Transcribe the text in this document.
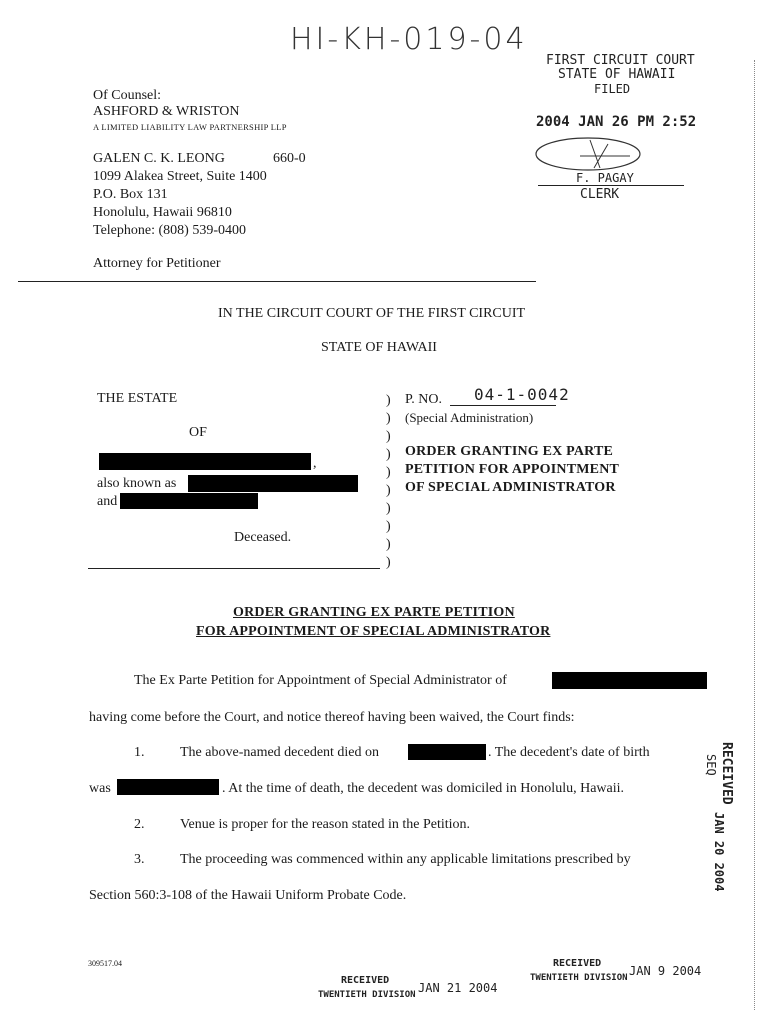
HI-KH-019-04
FIRST CIRCUIT COURT
STATE OF HAWAII
FILED
2004 JAN 26 PM 2:52
F. PAGAY
CLERK
Of Counsel:
ASHFORD & WRISTON
A LIMITED LIABILITY LAW PARTNERSHIP LLP
GALEN C. K. LEONG	660-0
1099 Alakea Street, Suite 1400
P.O. Box 131
Honolulu, Hawaii 96810
Telephone: (808) 539-0400
Attorney for Petitioner
IN THE CIRCUIT COURT OF THE FIRST CIRCUIT
STATE OF HAWAII
THE ESTATE
OF
,
also known as
and
Deceased.
)
)
)
)
)
)
)
)
)
)
P. NO. 04-1-0042
(Special Administration)
ORDER GRANTING EX PARTE
PETITION FOR APPOINTMENT
OF SPECIAL ADMINISTRATOR
ORDER GRANTING EX PARTE PETITION
FOR APPOINTMENT OF SPECIAL ADMINISTRATOR
The Ex Parte Petition for Appointment of Special Administrator of
having come before the Court, and notice thereof having been waived, the Court finds:
1.	The above-named decedent died on	. The decedent's date of birth
was	. At the time of death, the decedent was domiciled in Honolulu, Hawaii.
2.	Venue is proper for the reason stated in the Petition.
3.	The proceeding was commenced within any applicable limitations prescribed by
Section 560:3-108 of the Hawaii Uniform Probate Code.
RECEIVED
SEQ
JAN 20 2004
309517.04
RECEIVED
TWENTIETH DIVISION JAN 21 2004
RECEIVED
TWENTIETH DIVISION JAN 9 2004
